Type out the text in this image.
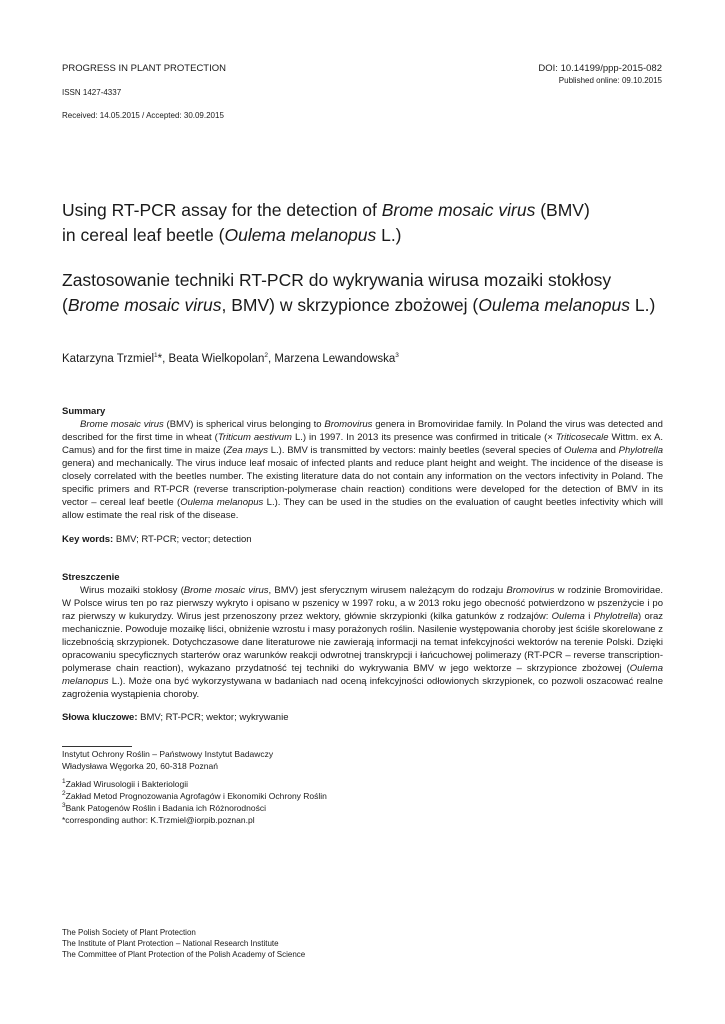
PROGRESS IN PLANT PROTECTION
ISSN 1427-4337
Received: 14.05.2015 / Accepted: 30.09.2015
DOI: 10.14199/ppp-2015-082
Published online: 09.10.2015
Using RT-PCR assay for the detection of Brome mosaic virus (BMV)
in cereal leaf beetle (Oulema melanopus L.)
Zastosowanie techniki RT-PCR do wykrywania wirusa mozaiki stokłosy
(Brome mosaic virus, BMV) w skrzypionce zbożowej (Oulema melanopus L.)
Katarzyna Trzmiel$^1$*, Beata Wielkopolan$^2$, Marzena Lewandowska$^3$
Summary

Brome mosaic virus (BMV) is spherical virus belonging to Bromovirus genera in Bromoviridae family. In Poland the virus was detected and described for the first time in wheat (Triticum aestivum L.) in 1997. In 2013 its presence was confirmed in triticale (× Triticosecale Wittm. ex A. Camus) and for the first time in maize (Zea mays L.). BMV is transmitted by vectors: mainly beetles (several species of Oulema and Phylotrella genera) and mechanically. The virus induce leaf mosaic of infected plants and reduce plant height and weight. The incidence of the disease is closely correlated with the beetles number. The existing literature data do not contain any information on the vectors infectivity in Poland. The specific primers and RT-PCR (reverse transcription-polymerase chain reaction) conditions were developed for the detection of BMV in its vector – cereal leaf beetle (Oulema melanopus L.). They can be used in the studies on the evaluation of caught beetles infectivity which will allow estimate the real risk of the disease.

Key words: BMV; RT-PCR; vector; detection
Streszczenie

Wirus mozaiki stokłosy (Brome mosaic virus, BMV) jest sferycznym wirusem należącym do rodzaju Bromovirus w rodzinie Bromoviridae. W Polsce wirus ten po raz pierwszy wykryto i opisano w pszenicy w 1997 roku, a w 2013 roku jego obecność potwierdzono w pszenżycie i po raz pierwszy w kukurydzy. Wirus jest przenoszony przez wektory, głównie skrzypionki (kilka gatunków z rodzajów: Oulema i Phylotrella) oraz mechanicznie. Powoduje mozaikę liści, obniżenie wzrostu i masy porażonych roślin. Nasilenie występowania choroby jest ściśle skorelowane z liczebnością skrzypionek. Dotychczasowe dane literaturowe nie zawierają informacji na temat infekcyjności wektorów na terenie Polski. Dzięki opracowaniu specyficznych starterów oraz warunków reakcji odwrotnej transkrypcji i łańcuchowej polimerazy (RT-PCR – reverse transcription-polymerase chain reaction), wykazano przydatność tej techniki do wykrywania BMV w jego wektorze – skrzypionce zbożowej (Oulema melanopus L.). Może ona być wykorzystywana w badaniach nad oceną infekcyjności odłowionych skrzypionek, co pozwoli oszacować realne zagrożenia wystąpienia choroby.

Słowa kluczowe: BMV; RT-PCR; wektor; wykrywanie
Instytut Ochrony Roślin – Państwowy Instytut Badawczy
Władysława Węgorka 20, 60-318 Poznań
$^1$Zakład Wirusologii i Bakteriologii
$^2$Zakład Metod Prognozowania Agrofagów i Ekonomiki Ochrony Roślin
$^3$Bank Patogenów Roślin i Badania ich Różnorodności
*corresponding author: K.Trzmiel@iorpib.poznan.pl
The Polish Society of Plant Protection
The Institute of Plant Protection – National Research Institute
The Committee of Plant Protection of the Polish Academy of Science
